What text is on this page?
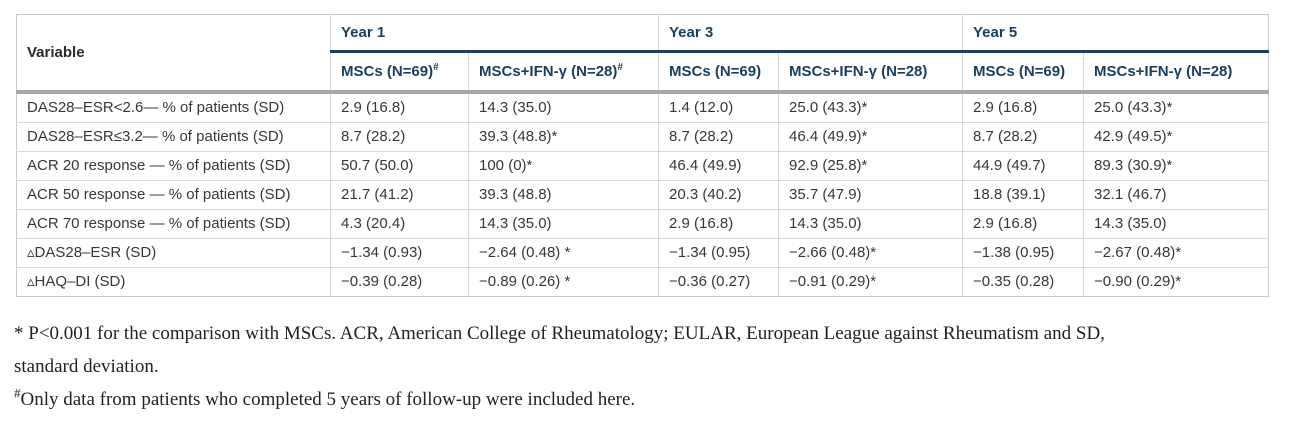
Variable	Year 1		Year 3		Year 5	
	MSCs (N=69)#	MSCs+IFN-γ (N=28)#	MSCs (N=69)	MSCs+IFN-γ (N=28)	MSCs (N=69)	MSCs+IFN-γ (N=28)
DAS28–ESR<2.6— % of patients (SD)	2.9 (16.8)	14.3 (35.0)	1.4 (12.0)	25.0 (43.3)*	2.9 (16.8)	25.0 (43.3)*
DAS28–ESR≤3.2— % of patients (SD)	8.7 (28.2)	39.3 (48.8)*	8.7 (28.2)	46.4 (49.9)*	8.7 (28.2)	42.9 (49.5)*
ACR 20 response — % of patients (SD)	50.7 (50.0)	100 (0)*	46.4 (49.9)	92.9 (25.8)*	44.9 (49.7)	89.3 (30.9)*
ACR 50 response — % of patients (SD)	21.7 (41.2)	39.3 (48.8)	20.3 (40.2)	35.7 (47.9)	18.8 (39.1)	32.1 (46.7)
ACR 70 response — % of patients (SD)	4.3 (20.4)	14.3 (35.0)	2.9 (16.8)	14.3 (35.0)	2.9 (16.8)	14.3 (35.0)
▵DAS28–ESR (SD)	−1.34 (0.93)	−2.64 (0.48) *	−1.34 (0.95)	−2.66 (0.48)*	−1.38 (0.95)	−2.67 (0.48)*
▵HAQ–DI (SD)	−0.39 (0.28)	−0.89 (0.26) *	−0.36 (0.27)	−0.91 (0.29)*	−0.35 (0.28)	−0.90 (0.29)*

* P<0.001 for the comparison with MSCs. ACR, American College of Rheumatology; EULAR, European League against Rheumatism and SD, standard deviation.

#Only data from patients who completed 5 years of follow-up were included here.
